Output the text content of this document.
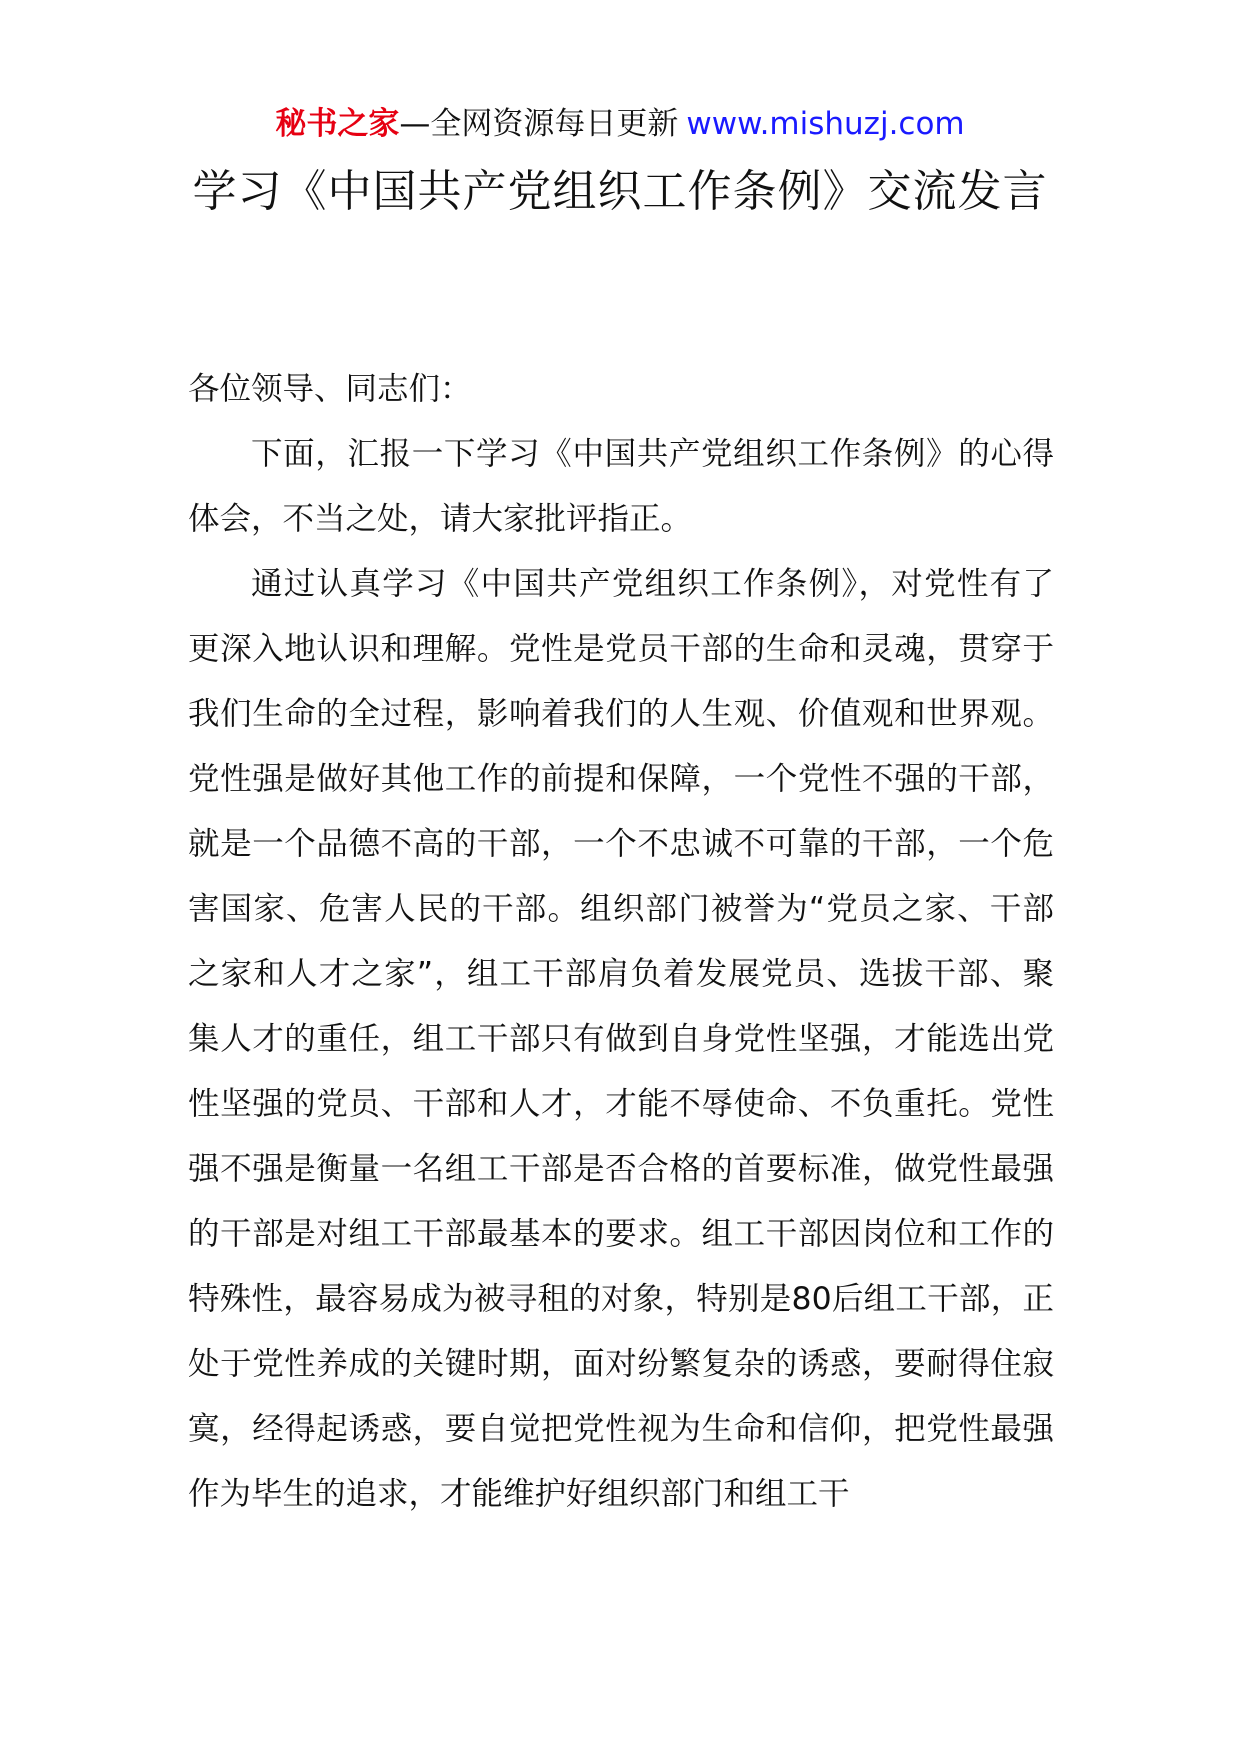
秘书之家—全网资源每日更新 www.mishuzj.com
学习《中国共产党组织工作条例》交流发言

各位领导、同志们：

下面，汇报一下学习《中国共产党组织工作条例》的心得体会，不当之处，请大家批评指正。

通过认真学习《中国共产党组织工作条例》，对党性有了更深入地认识和理解。党性是党员干部的生命和灵魂，贯穿于我们生命的全过程，影响着我们的人生观、价值观和世界观。党性强是做好其他工作的前提和保障，一个党性不强的干部，就是一个品德不高的干部，一个不忠诚不可靠的干部，一个危害国家、危害人民的干部。组织部门被誉为“党员之家、干部之家和人才之家”，组工干部肩负着发展党员、选拔干部、聚集人才的重任，组工干部只有做到自身党性坚强，才能选出党性坚强的党员、干部和人才，才能不辱使命、不负重托。党性强不强是衡量一名组工干部是否合格的首要标准，做党性最强的干部是对组工干部最基本的要求。组工干部因岗位和工作的特殊性，最容易成为被寻租的对象，特别是80后组工干部，正处于党性养成的关键时期，面对纷繁复杂的诱惑，要耐得住寂寞，经得起诱惑，要自觉把党性视为生命和信仰，把党性最强作为毕生的追求，才能维护好组织部门和组工干
